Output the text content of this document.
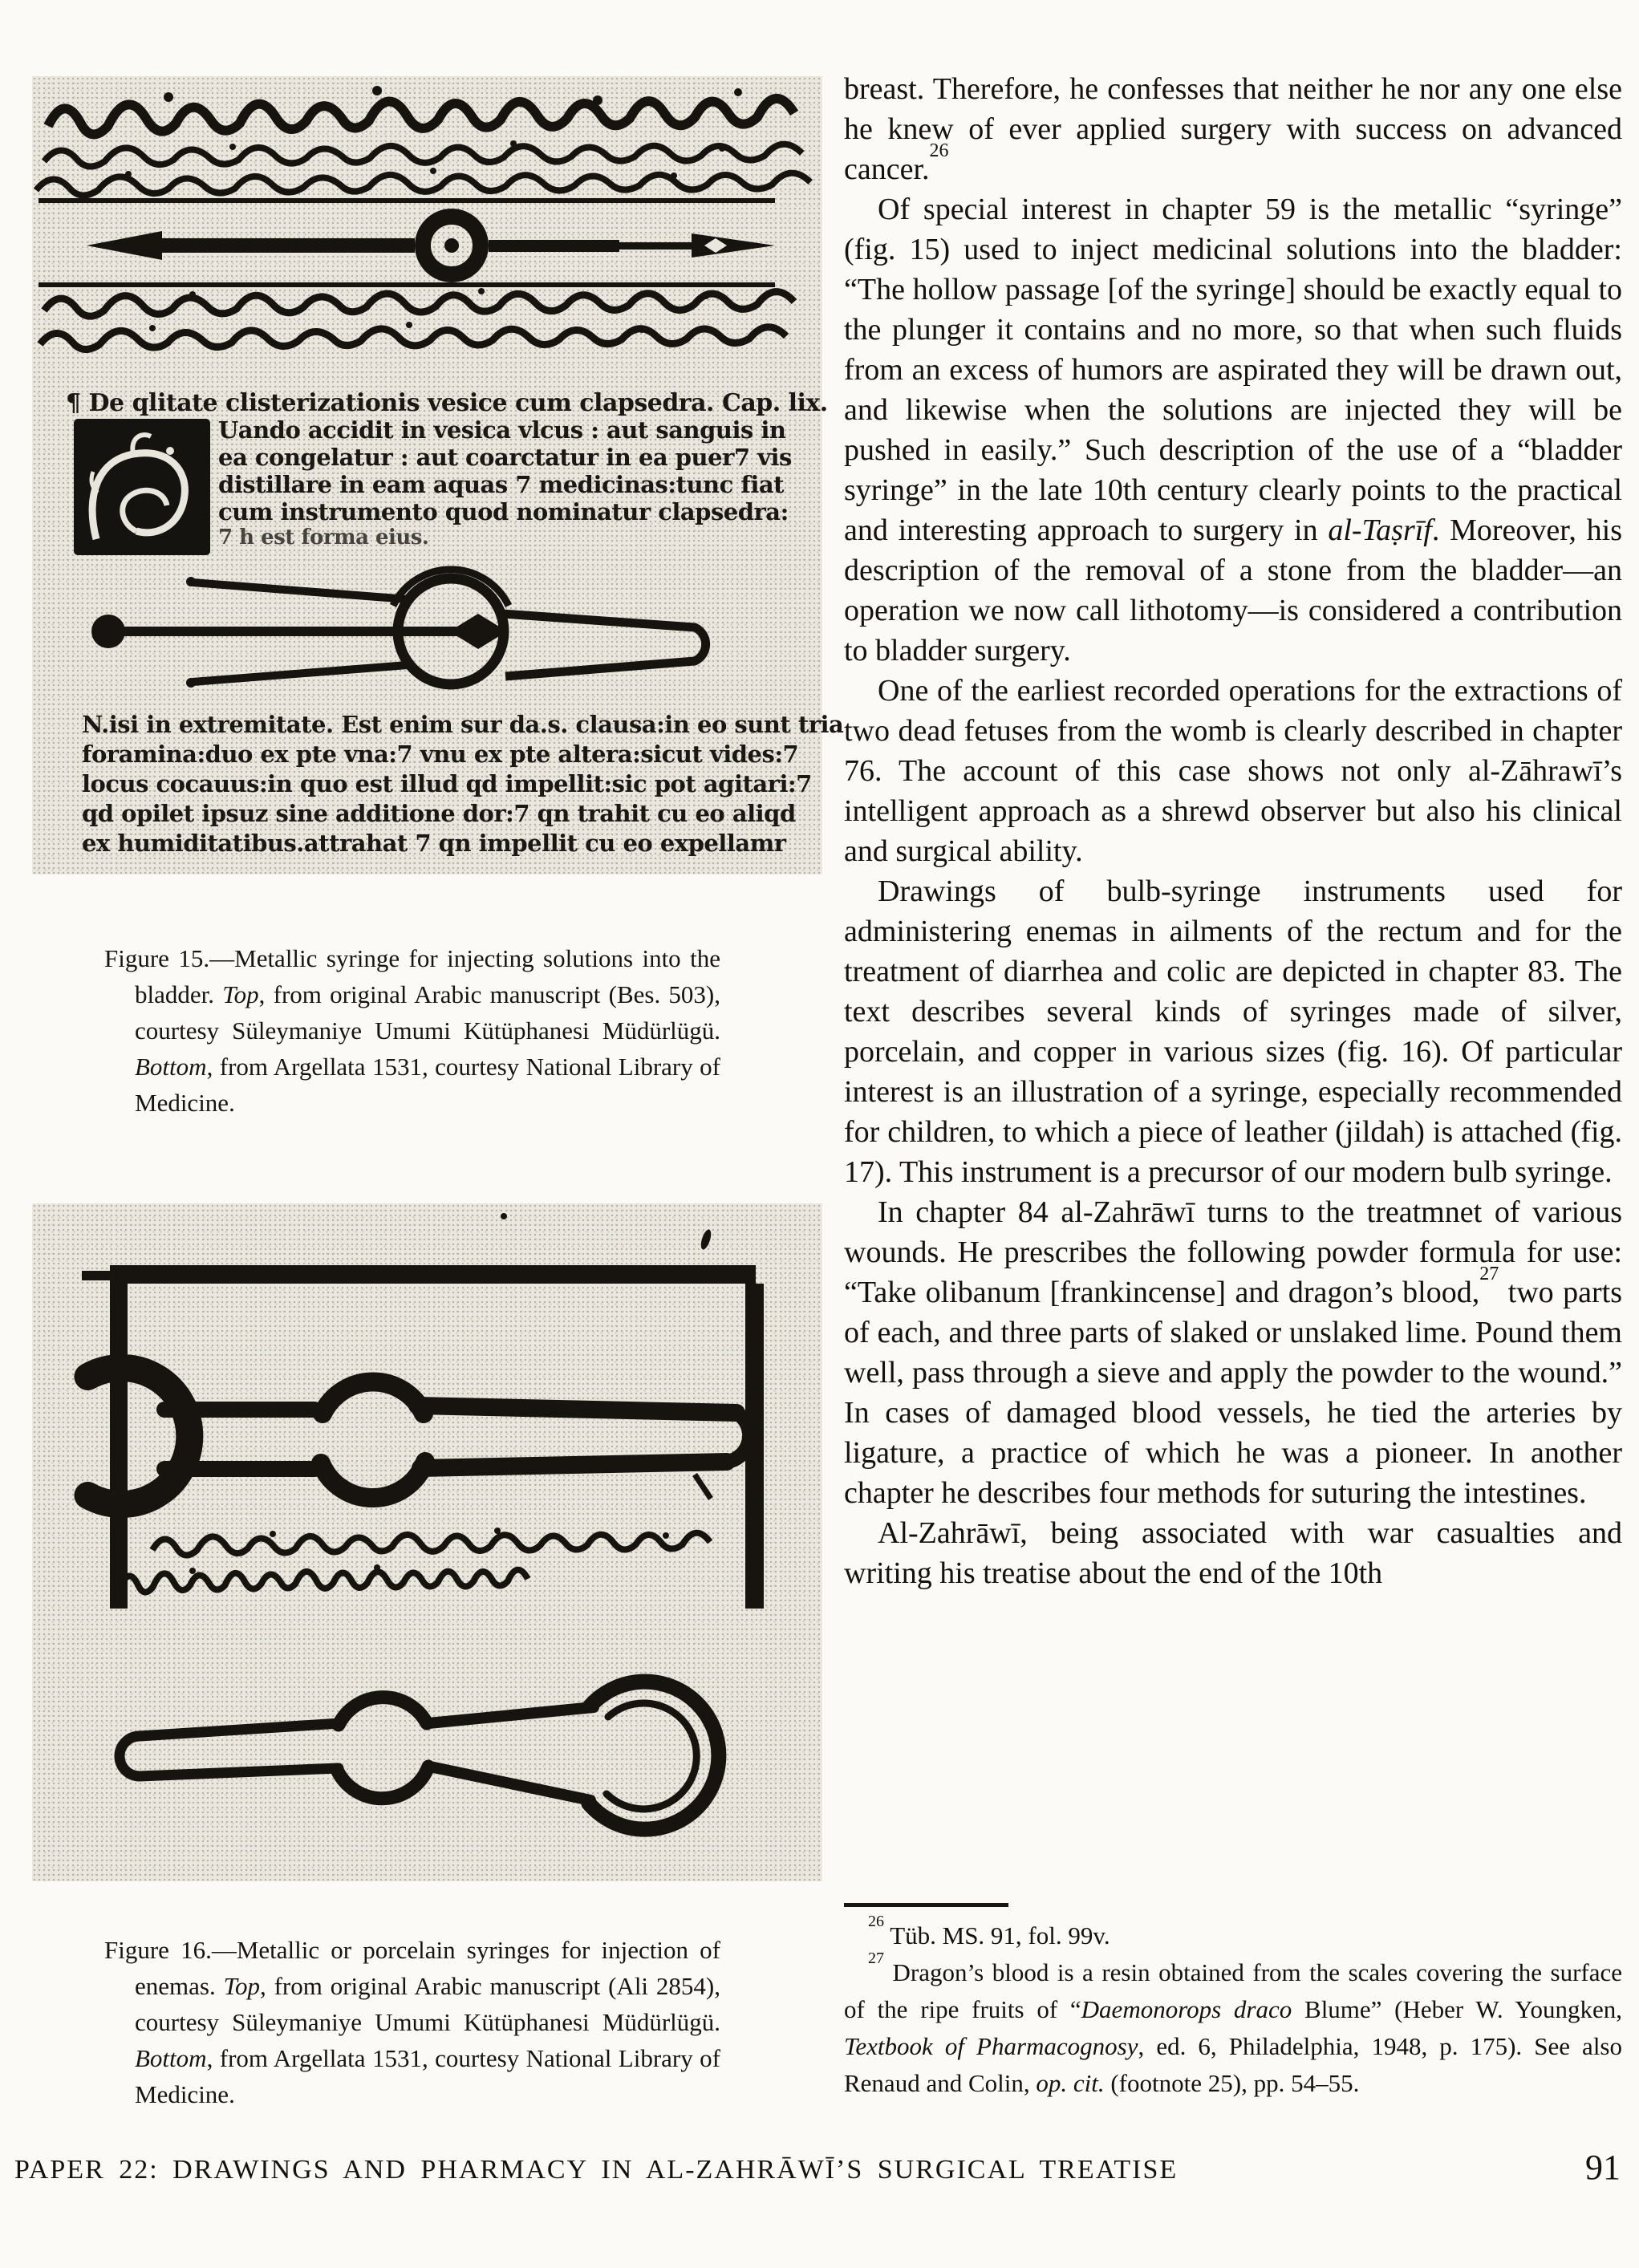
¶ De qlitate clisterizationis vesice cum clapsedra. Cap. lix.
Uando accidit in vesica vlcus : aut sanguis in
ea congelatur : aut coarctatur in ea puer7 vis
distillare in eam aquas 7 medicinas:tunc fiat
cum instrumento quod nominatur clapsedra:
7 h est forma eius.
N.isi in extremitate. Est enim sur da.s. clausa:in eo sunt tria
foramina:duo ex pte vna:7 vnu ex pte altera:sicut vides:7
locus cocauus:in quo est illud qd impellit:sic pot agitari:7
qd opilet ipsuz sine additione dor:7 qn trahit cu eo aliqd
ex humiditatibus.attrahat 7 qn impellit cu eo expellamr

Figure 15.—Metallic syringe for injecting solutions into the bladder. Top, from original Arabic manuscript (Bes. 503), courtesy Süleymaniye Umumi Kütüphanesi Müdürlügü. Bottom, from Argellata 1531, courtesy National Library of Medicine.

Figure 16.—Metallic or porcelain syringes for injection of enemas. Top, from original Arabic manuscript (Ali 2854), courtesy Süleymaniye Umumi Kütüphanesi Müdürlügü. Bottom, from Argellata 1531, courtesy National Library of Medicine.

breast. Therefore, he confesses that neither he nor any one else he knew of ever applied surgery with success on advanced cancer.$^{26}$

Of special interest in chapter 59 is the metallic “syringe” (fig. 15) used to inject medicinal solutions into the bladder: “The hollow passage [of the syringe] should be exactly equal to the plunger it contains and no more, so that when such fluids from an excess of humors are aspirated they will be drawn out, and likewise when the solutions are injected they will be pushed in easily.” Such description of the use of a “bladder syringe” in the late 10th century clearly points to the practical and interesting approach to surgery in al-Taṣrīf. Moreover, his description of the removal of a stone from the bladder—an operation we now call lithotomy—is considered a contribution to bladder surgery.

One of the earliest recorded operations for the extractions of two dead fetuses from the womb is clearly described in chapter 76. The account of this case shows not only al-Zāhrawī’s intelligent approach as a shrewd observer but also his clinical and surgical ability.

Drawings of bulb-syringe instruments used for administering enemas in ailments of the rectum and for the treatment of diarrhea and colic are depicted in chapter 83. The text describes several kinds of syringes made of silver, porcelain, and copper in various sizes (fig. 16). Of particular interest is an illustration of a syringe, especially recommended for children, to which a piece of leather (jildah) is attached (fig. 17). This instrument is a precursor of our modern bulb syringe.

In chapter 84 al-Zahrāwī turns to the treatmnet of various wounds. He prescribes the following powder formula for use: “Take olibanum [frankincense] and dragon’s blood,$^{27}$ two parts of each, and three parts of slaked or unslaked lime. Pound them well, pass through a sieve and apply the powder to the wound.” In cases of damaged blood vessels, he tied the arteries by ligature, a practice of which he was a pioneer. In another chapter he describes four methods for suturing the intestines.

Al-Zahrāwī, being associated with war casualties and writing his treatise about the end of the 10th

$^{26}$ Tüb. MS. 91, fol. 99v.

$^{27}$ Dragon’s blood is a resin obtained from the scales covering the surface of the ripe fruits of “Daemonorops draco Blume” (Heber W. Youngken, Textbook of Pharmacognosy, ed. 6, Philadelphia, 1948, p. 175). See also Renaud and Colin, op. cit. (footnote 25), pp. 54–55.

PAPER 22: DRAWINGS AND PHARMACY IN AL-ZAHRĀWĪ’S SURGICAL TREATISE	91
